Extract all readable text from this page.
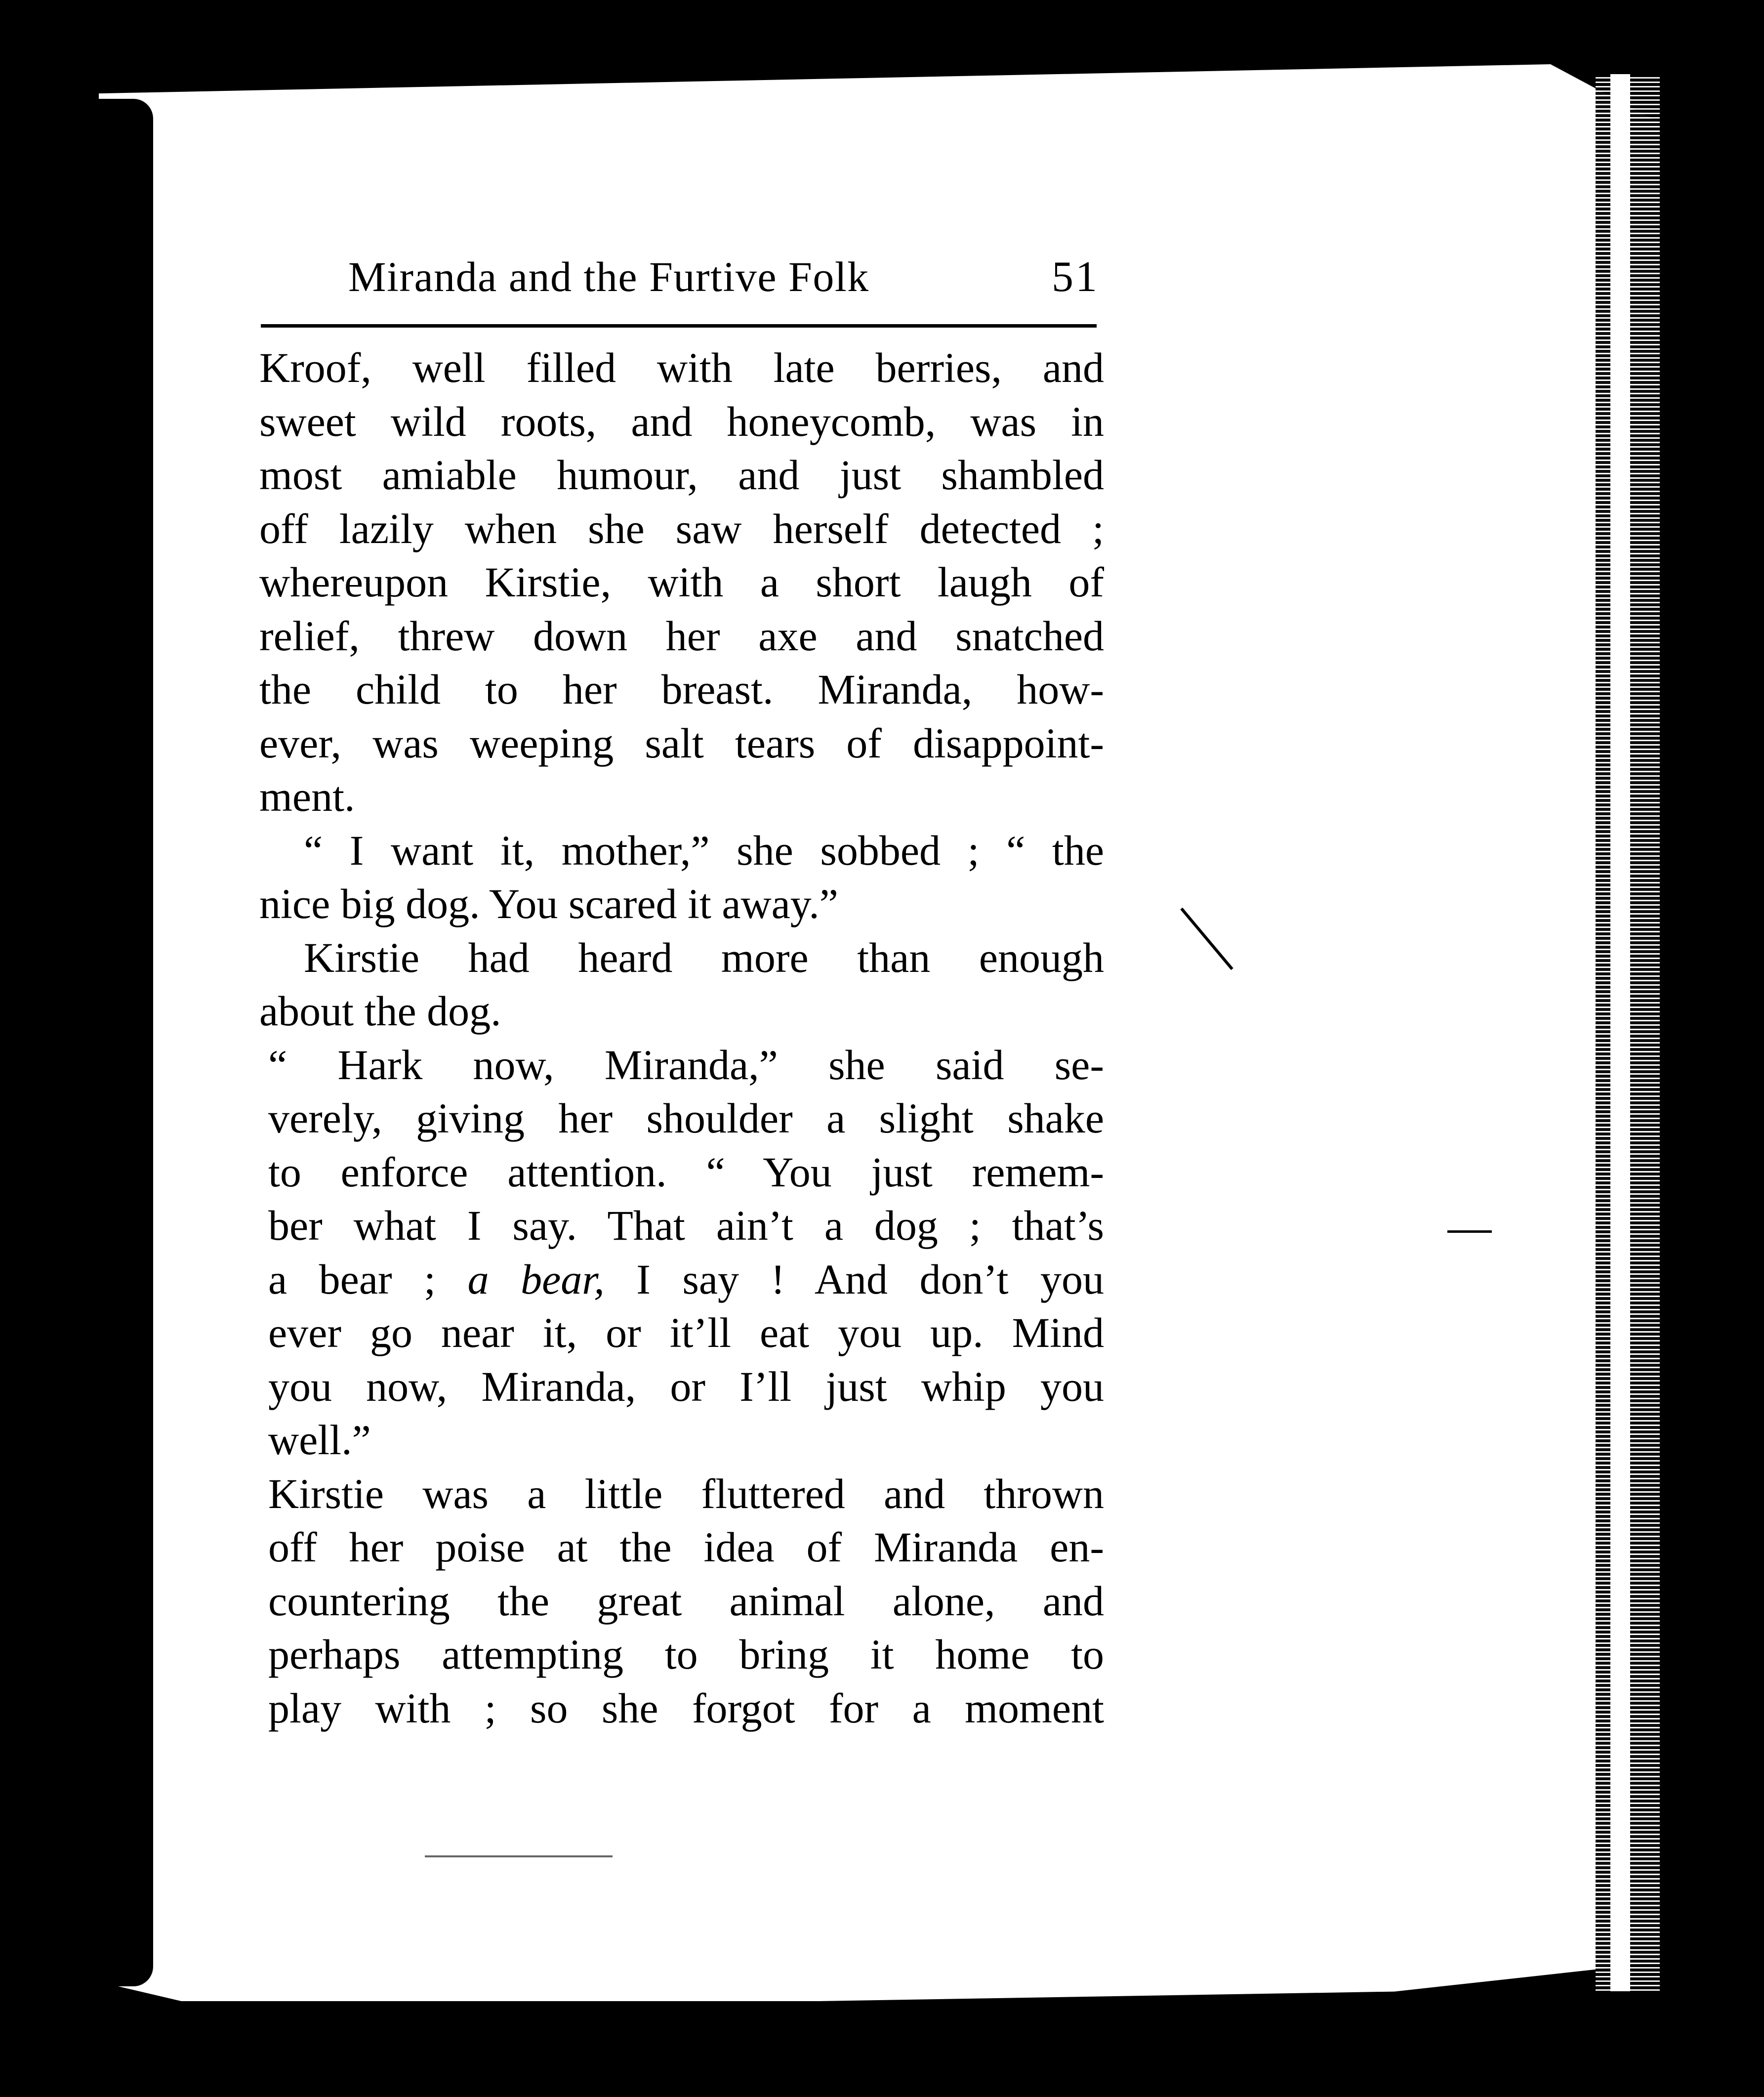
Miranda and the Furtive Folk	51
Kroof, well filled with late berries, and
sweet wild roots, and honeycomb, was in
most amiable humour, and just shambled
off lazily when she saw herself detected ;
whereupon Kirstie, with a short laugh of
relief, threw down her axe and snatched
the child to her breast. Miranda, how-
ever, was weeping salt tears of disappoint-
ment.
“ I want it, mother,” she sobbed ; “ the
nice big dog. You scared it away.”
Kirstie had heard more than enough
about the dog.
“ Hark now, Miranda,” she said se-
verely, giving her shoulder a slight shake
to enforce attention. “ You just remem-
ber what I say. That ain’t a dog ; that’s
a bear ; a bear, I say ! And don’t you
ever go near it, or it’ll eat you up. Mind
you now, Miranda, or I’ll just whip you
well.”
Kirstie was a little fluttered and thrown
off her poise at the idea of Miranda en-
countering the great animal alone, and
perhaps attempting to bring it home to
play with ; so she forgot for a moment
